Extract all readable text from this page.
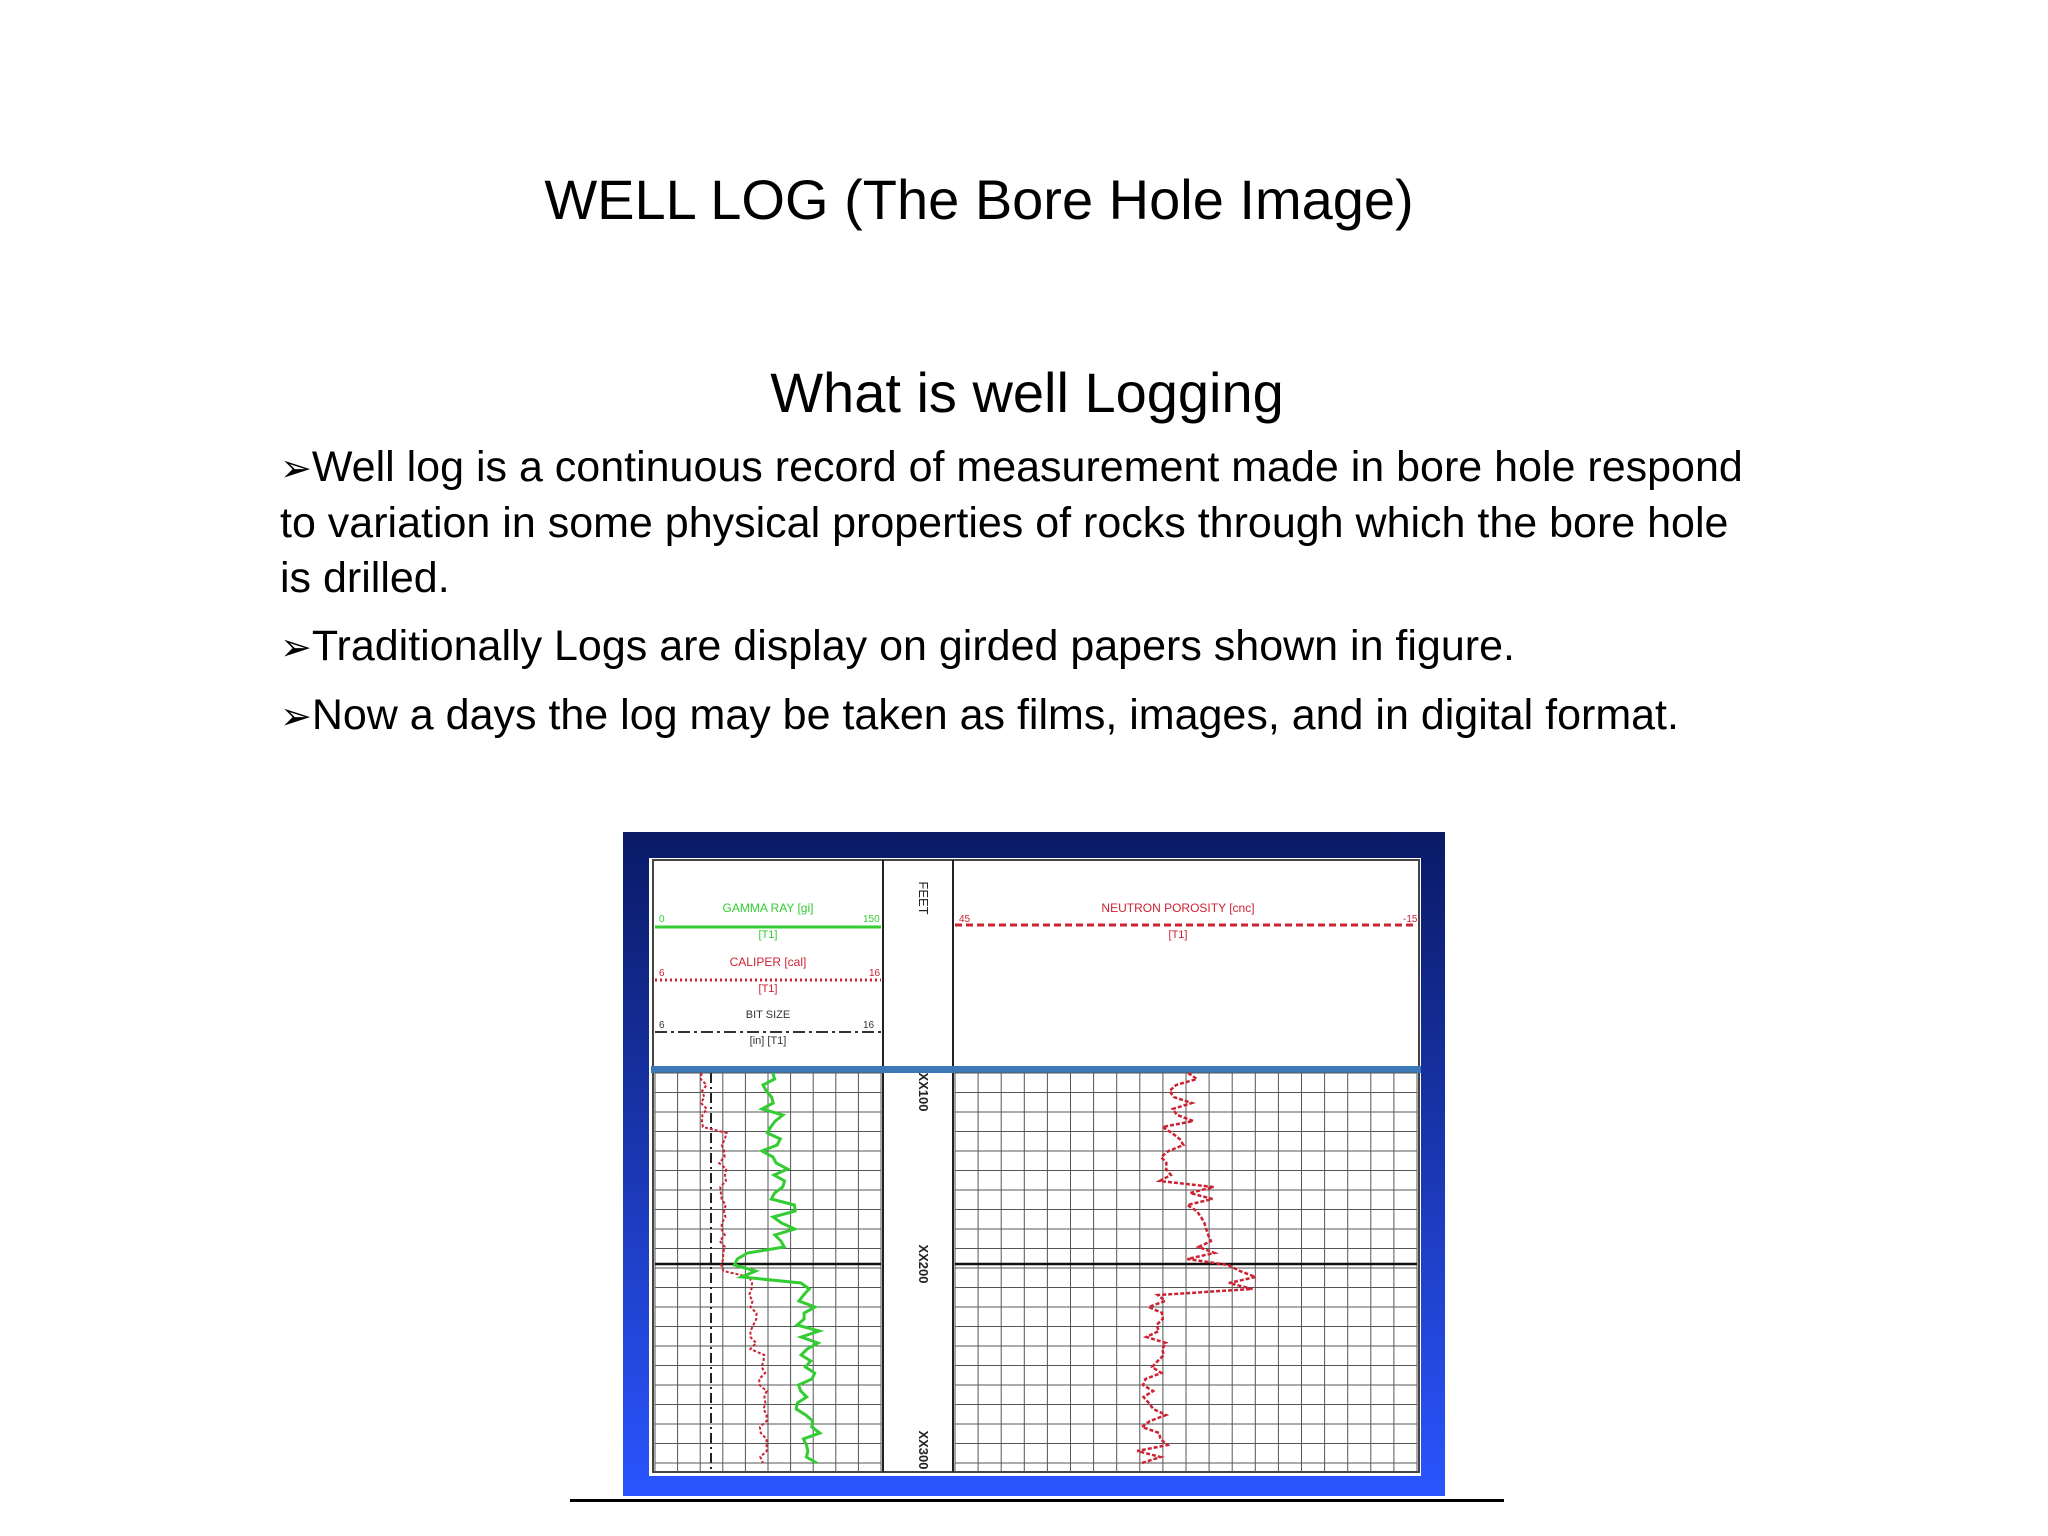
WELL LOG (The Bore Hole Image)
What is well Logging
➢Well log is a continuous record of measurement made in bore hole respond to variation in some physical properties of rocks through which the bore hole is drilled.
➢Traditionally Logs are display on girded papers shown in figure.
➢Now a days the log may be taken as films, images, and in digital format.
GAMMA RAY [gi]
[T1]
0	150
CALIPER [cal]
[T1]
6	16
BIT SIZE
[in] [T1]
6	16
FEET	NEUTRON POROSITY [cnc]
[T1]
45	-15
XX100
XX200
XX300
